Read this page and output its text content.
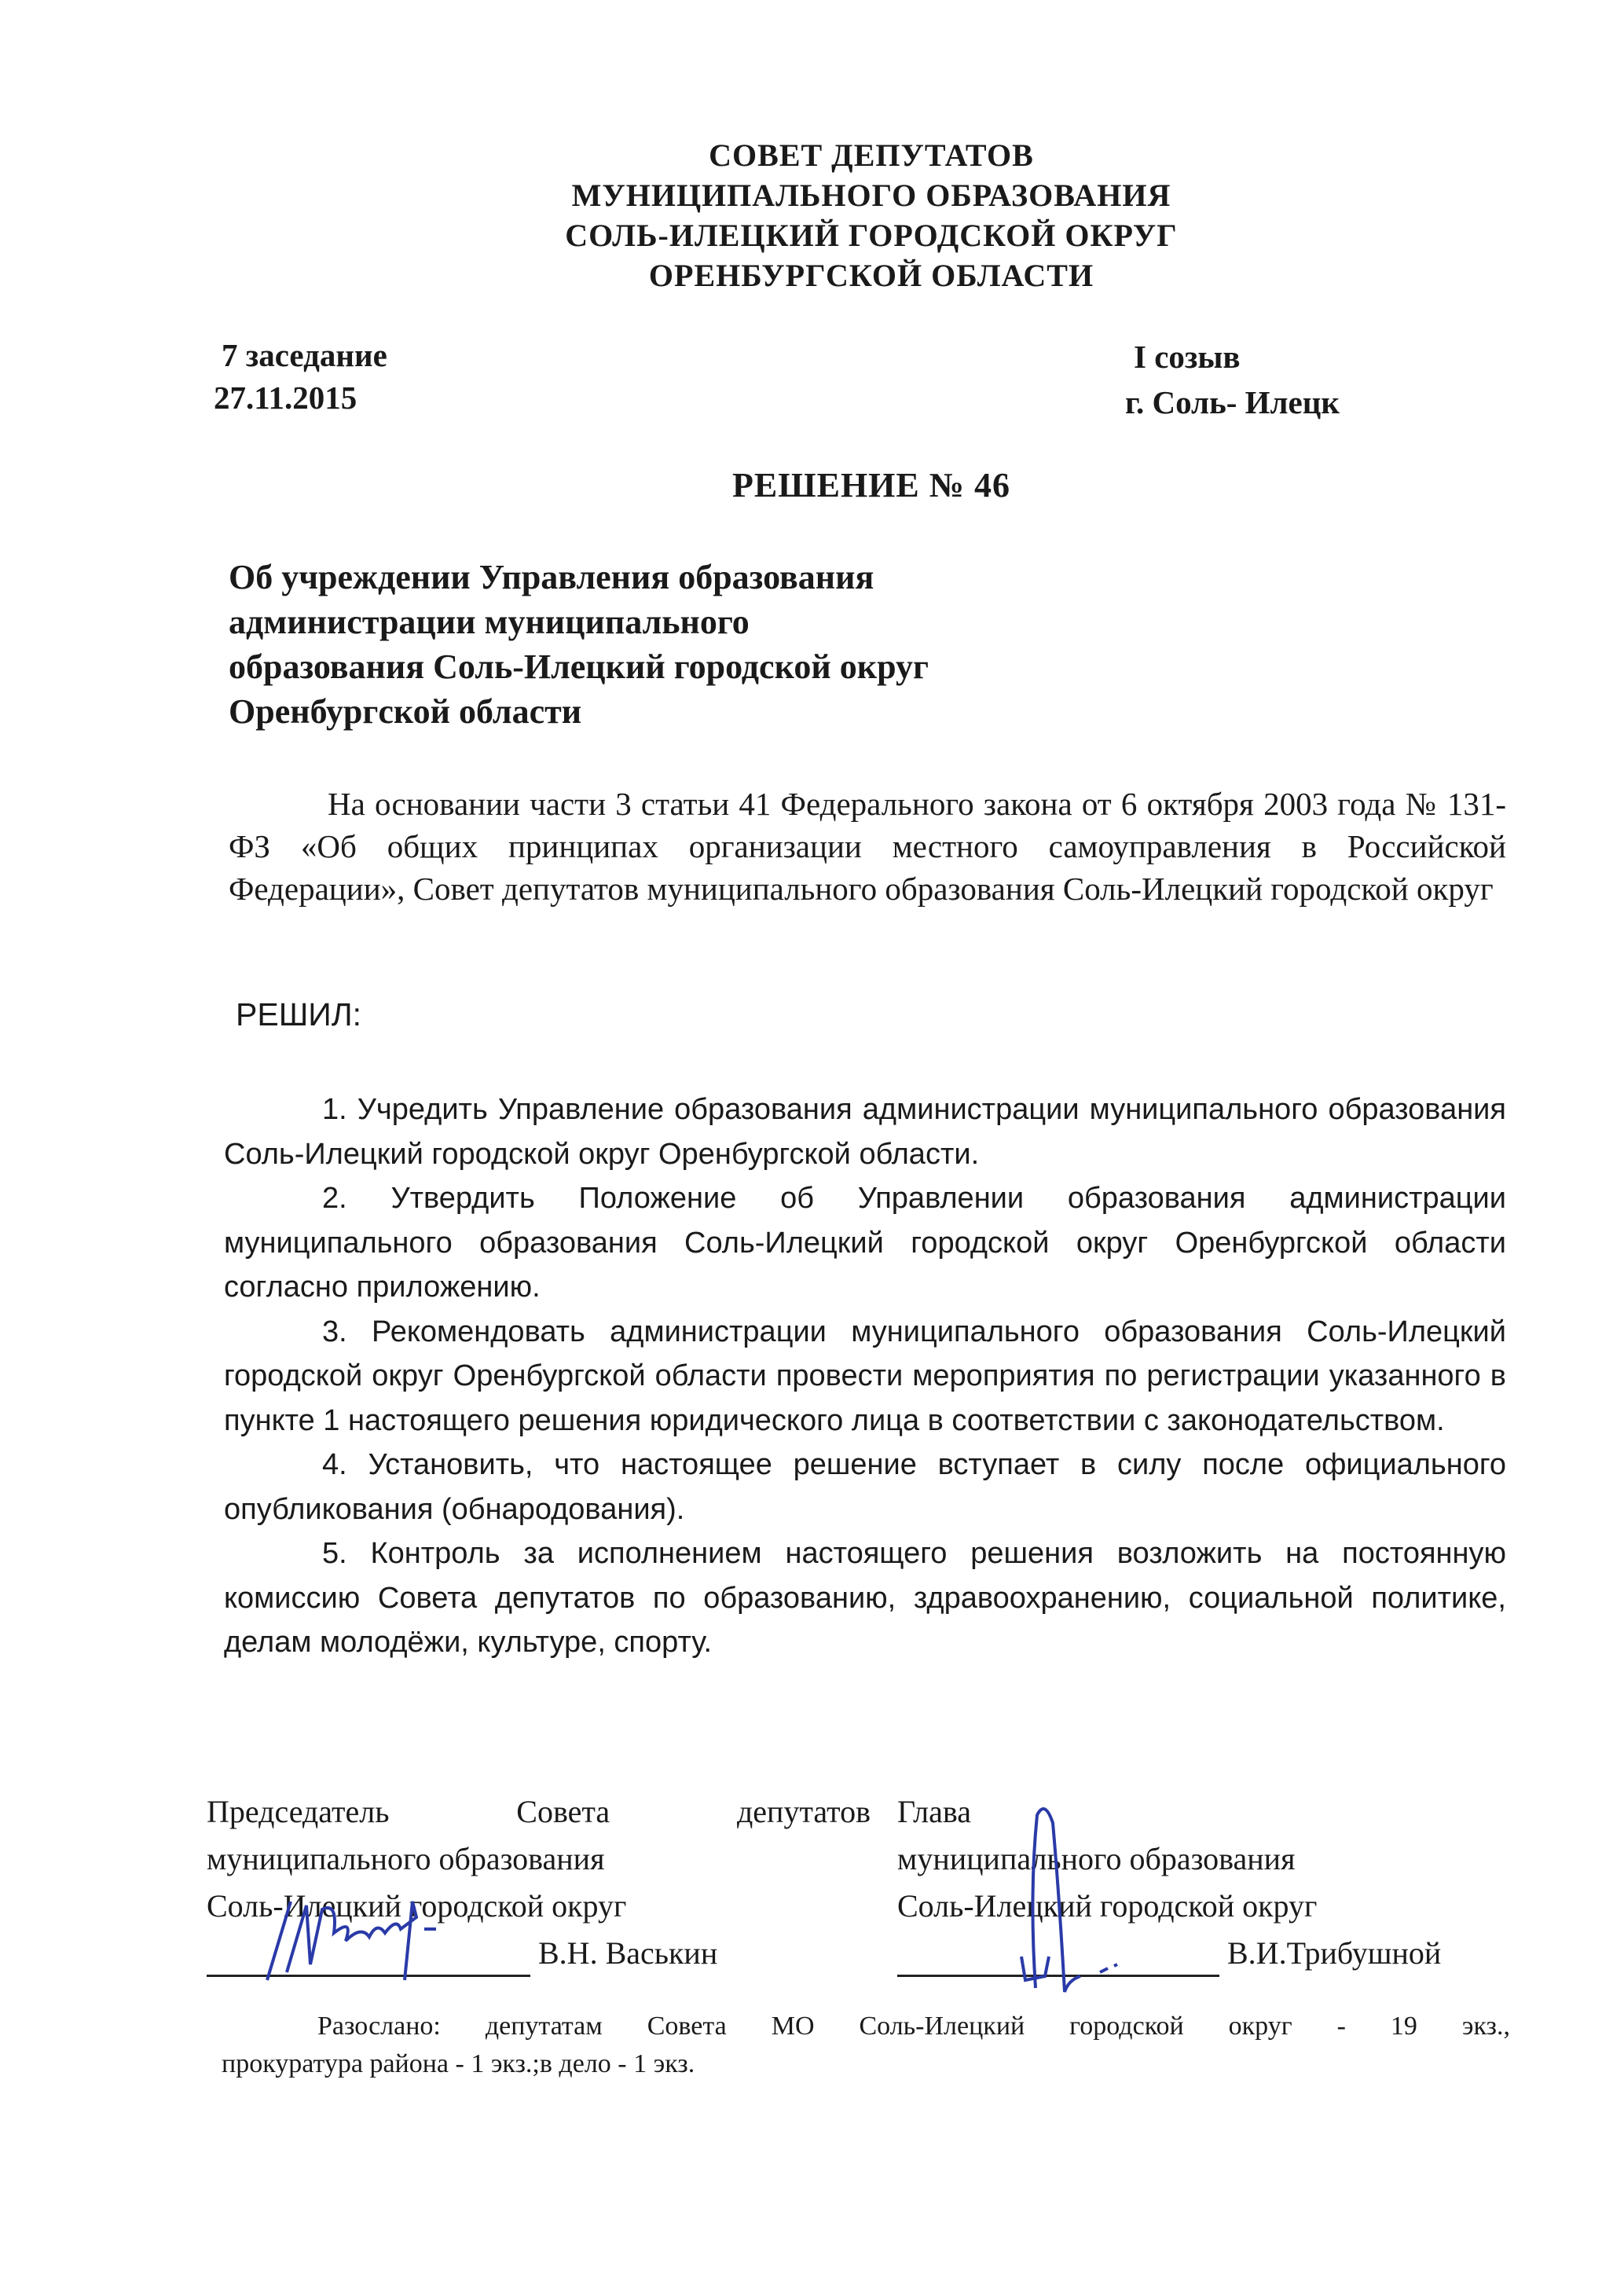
СОВЕТ ДЕПУТАТОВ
МУНИЦИПАЛЬНОГО ОБРАЗОВАНИЯ
СОЛЬ-ИЛЕЦКИЙ ГОРОДСКОЙ ОКРУГ
ОРЕНБУРГСКОЙ ОБЛАСТИ
7 заседание
27.11.2015
I созыв
г. Соль- Илецк
РЕШЕНИЕ № 46
Об учреждении Управления образования
администрации муниципального
образования Соль-Илецкий городской округ
Оренбургской области
На основании части 3 статьи 41 Федерального закона от 6 октября 2003 года № 131-ФЗ «Об общих принципах организации местного самоуправления в Российской Федерации», Совет депутатов муниципального образования Соль-Илецкий городской округ
РЕШИЛ:

1. Учредить Управление образования администрации муниципального образования Соль-Илецкий городской округ Оренбургской области.

2. Утвердить Положение об Управлении образования администрации муниципального образования Соль-Илецкий городской округ Оренбургской области согласно приложению.

3. Рекомендовать администрации муниципального образования Соль-Илецкий городской округ Оренбургской области провести мероприятия по регистрации указанного в пункте 1 настоящего решения юридического лица в соответствии с законодательством.

4. Установить, что настоящее решение вступает в силу после официального опубликования (обнародования).

5. Контроль за исполнением настоящего решения возложить на постоянную комиссию Совета депутатов по образованию, здравоохранению, социальной политике, делам молодёжи, культуре, спорту.

Председатель	Совета	депутатов
муниципального образования
Соль-Илецкий городской округ
В.Н. Васькин
Глава
муниципального образования
Соль-Илецкий городской округ
В.И.Трибушной
Разослано: депутатам Совета МО Соль-Илецкий городской округ - 19 экз.,
прокуратура района - 1 экз.;в дело - 1 экз.
